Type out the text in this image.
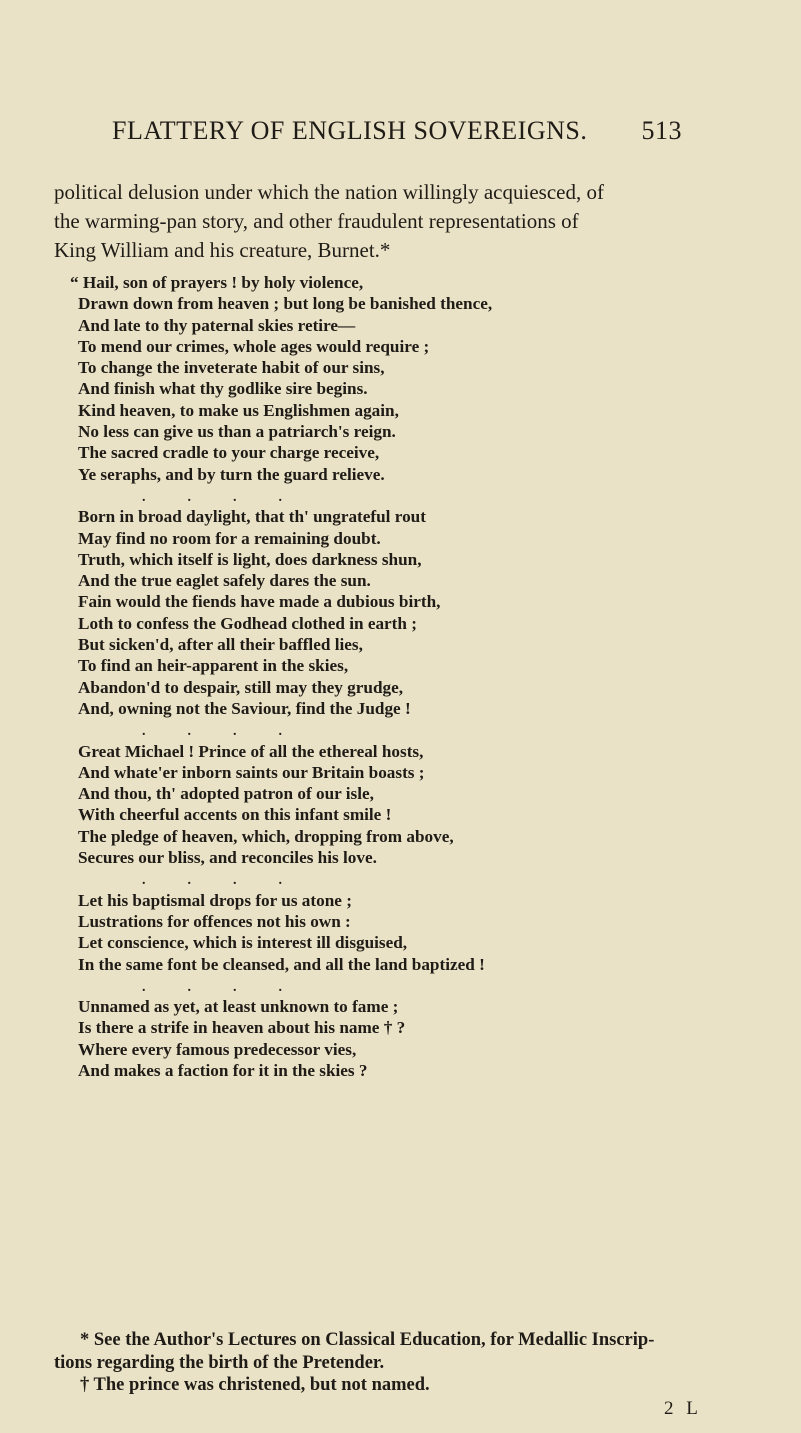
FLATTERY OF ENGLISH SOVEREIGNS. 513

political delusion under which the nation willingly acquiesced, of

the warming-pan story, and other fraudulent representations of

King William and his creature, Burnet.*

“ Hail, son of prayers ! by holy violence,
Drawn down from heaven ; but long be banished thence,
And late to thy paternal skies retire—
To mend our crimes, whole ages would require ;
To change the inveterate habit of our sins,
And finish what thy godlike sire begins.
Kind heaven, to make us Englishmen again,
No less can give us than a patriarch's reign.
The sacred cradle to your charge receive,
Ye seraphs, and by turn the guard relieve.
....
Born in broad daylight, that th' ungrateful rout
May find no room for a remaining doubt.
Truth, which itself is light, does darkness shun,
And the true eaglet safely dares the sun.
Fain would the fiends have made a dubious birth,
Loth to confess the Godhead clothed in earth ;
But sicken'd, after all their baffled lies,
To find an heir-apparent in the skies,
Abandon'd to despair, still may they grudge,
And, owning not the Saviour, find the Judge !
....
Great Michael ! Prince of all the ethereal hosts,
And whate'er inborn saints our Britain boasts ;
And thou, th' adopted patron of our isle,
With cheerful accents on this infant smile !
The pledge of heaven, which, dropping from above,
Secures our bliss, and reconciles his love.
....
Let his baptismal drops for us atone ;
Lustrations for offences not his own :
Let conscience, which is interest ill disguised,
In the same font be cleansed, and all the land baptized !
....
Unnamed as yet, at least unknown to fame ;
Is there a strife in heaven about his name † ?
Where every famous predecessor vies,
And makes a faction for it in the skies ?
* See the Author's Lectures on Classical Education, for Medallic Inscrip-
tions regarding the birth of the Pretender.
† The prince was christened, but not named.
2 L
